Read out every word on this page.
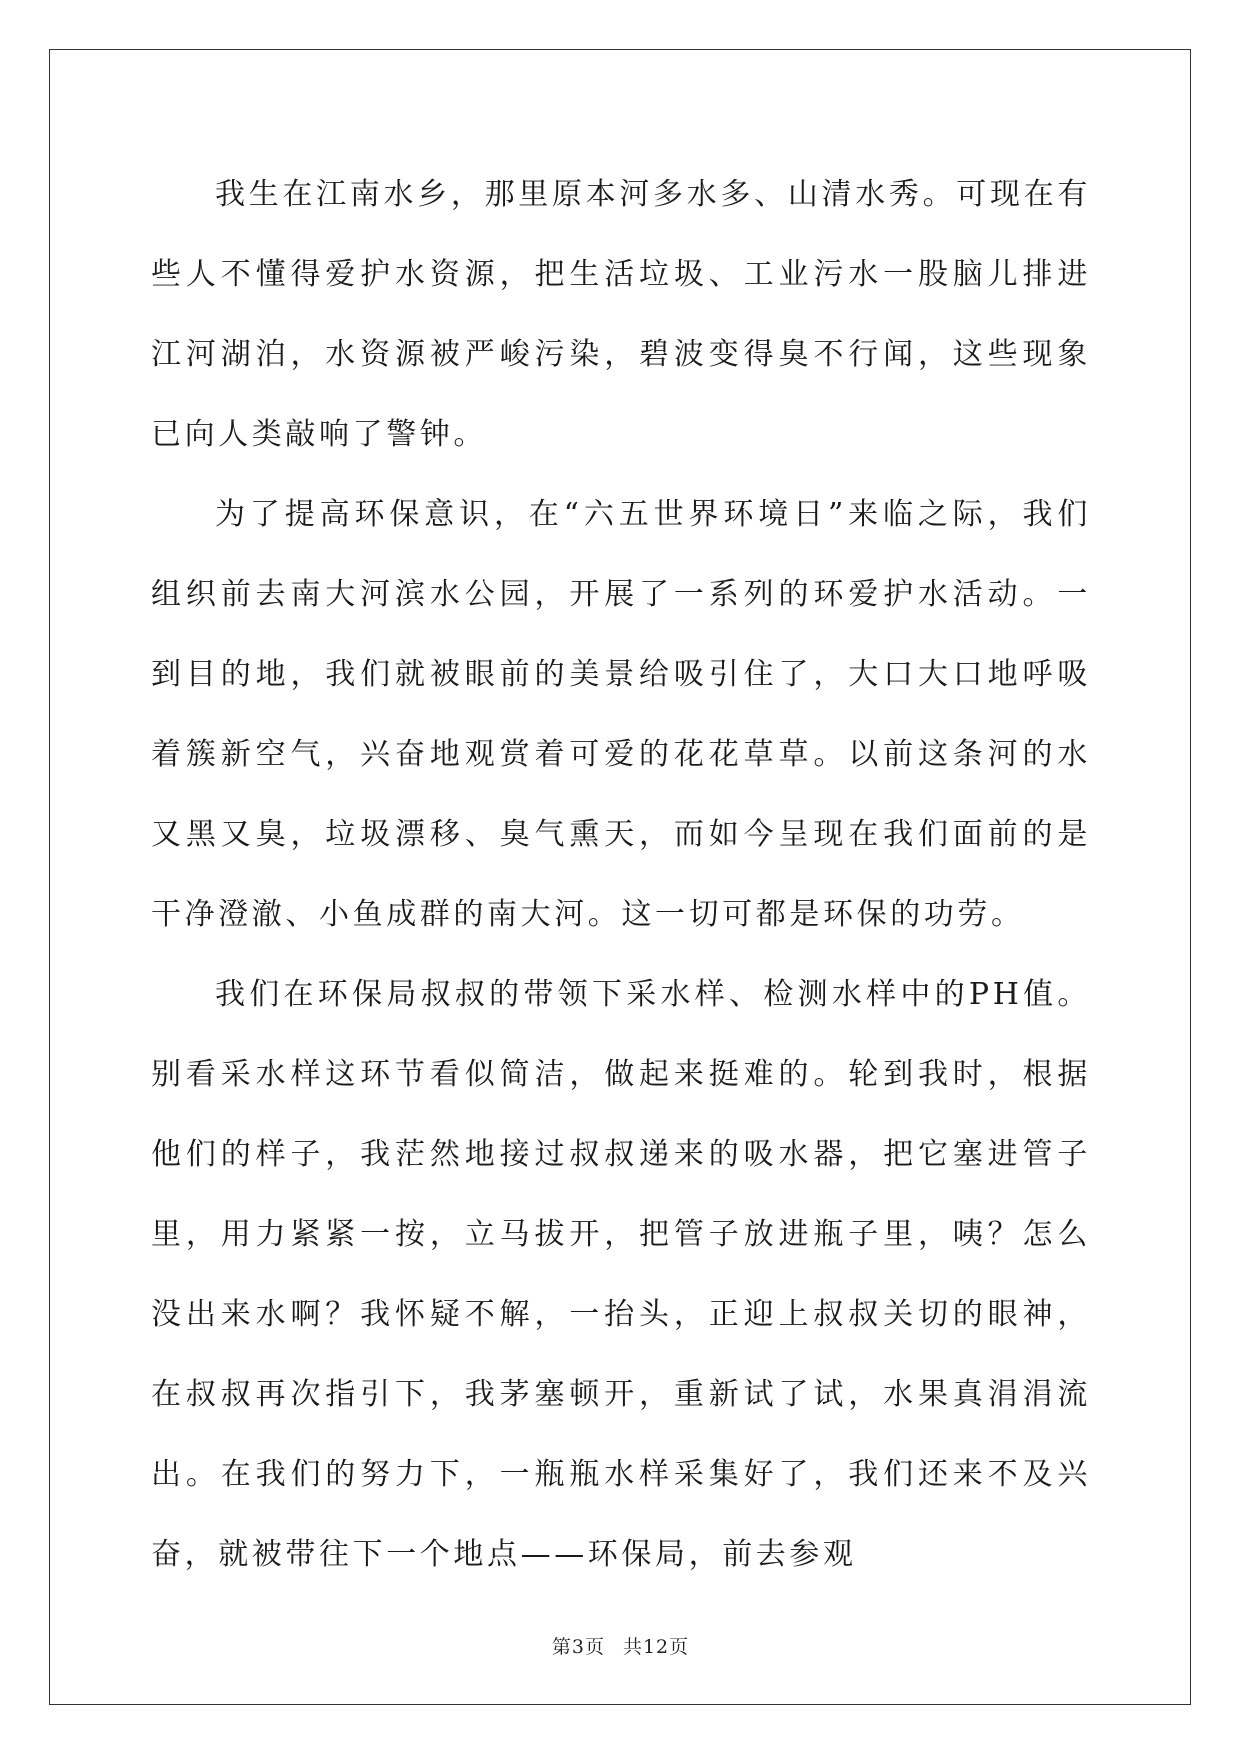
我生在江南水乡，那里原本河多水多、山清水秀。可现在有些人不懂得爱护水资源，把生活垃圾、工业污水一股脑儿排进江河湖泊，水资源被严峻污染，碧波变得臭不行闻，这些现象已向人类敲响了警钟。

为了提高环保意识，在“六五世界环境日”来临之际，我们组织前去南大河滨水公园，开展了一系列的环爱护水活动。一到目的地，我们就被眼前的美景给吸引住了，大口大口地呼吸着簇新空气，兴奋地观赏着可爱的花花草草。以前这条河的水又黑又臭，垃圾漂移、臭气熏天，而如今呈现在我们面前的是干净澄澈、小鱼成群的南大河。这一切可都是环保的功劳。

我们在环保局叔叔的带领下采水样、检测水样中的PH值。别看采水样这环节看似简洁，做起来挺难的。轮到我时，根据他们的样子，我茫然地接过叔叔递来的吸水器，把它塞进管子里，用力紧紧一按，立马拔开，把管子放进瓶子里，咦？怎么没出来水啊？我怀疑不解，一抬头，正迎上叔叔关切的眼神，在叔叔再次指引下，我茅塞顿开，重新试了试，水果真涓涓流出。在我们的努力下，一瓶瓶水样采集好了，我们还来不及兴奋，就被带往下一个地点——环保局，前去参观

第3页 共12页
